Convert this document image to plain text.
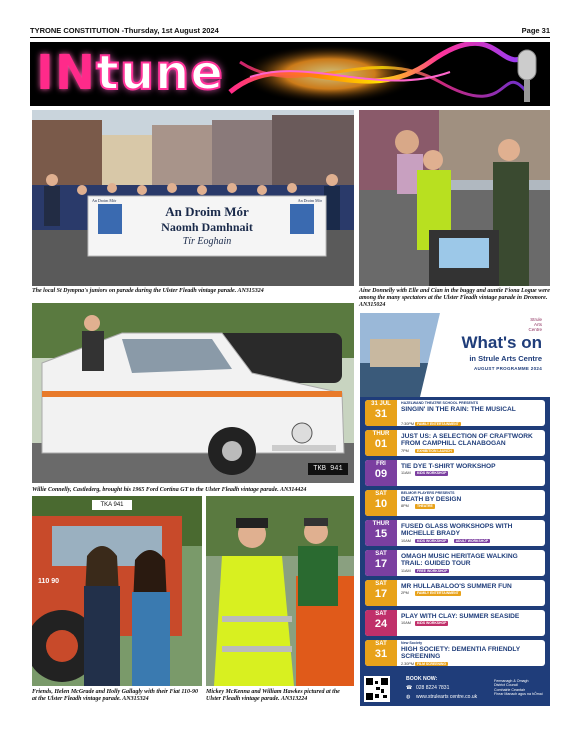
TYRONE CONSTITUTION -Thursday, 1st August 2024	Page 31
INtune
An Droim Mór	An Droim Mór
An Droim Mór
Naomh Damhnait
Tír Eoghain
The local St Dympna's juniors on parade during the Ulster Fleadh vintage parade. AN315324	Aine Donnelly with Elle and Cian in the buggy and auntie Fiona Logue were among the many spectators at the Ulster Fleadh vintage parade in Dromore. AN315024
TKB 941
Willie Connelly, Castlederg, brought his 1965 Ford Cortina GT to the Ulster Fleadh vintage parade. AN314424
TKA 941
110 90
Friends, Helen McGrade and Holly Gallagly with their Fiat 110-90 at the Ulster Fleadh vintage parade. AN315324
Mickey McKenna and William Hawkes pictured at the Ulster Fleadh vintage parade. AN313224
Strule
Arts
Centre
What's on
in Strule Arts Centre
AUGUST PROGRAMME 2024
31 JUL
31
HAZELWAND THEATRE SCHOOL PRESENTS
SINGIN' IN THE RAIN: THE MUSICAL
7:30PM FAMILY ENTERTAINMENT
THUR
01
JUST US: A SELECTION OF CRAFTWORK FROM CAMPHILL CLANABOGAN
7PM	EXHIBITION LAUNCH
FRI
09
TIE DYE T-SHIRT WORKSHOP
11AM	KIDS WORKSHOP
SAT
10
BELMOR PLAYERS PRESENTS
DEATH BY DESIGN
8PM	THEATRE
THUR
15
FUSED GLASS WORKSHOPS WITH MICHELLE BRADY
10AM	KIDS WORKSHOP	ADULT WORKSHOP
SAT
17
OMAGH MUSIC HERITAGE WALKING TRAIL: GUIDED TOUR
11AM	FREE WORKSHOP
SAT
17
MR HULLABALOO'S SUMMER FUN
2PM	FAMILY ENTERTAINMENT
SAT
24
PLAY WITH CLAY: SUMMER SEASIDE
10AM	KIDS WORKSHOP
SAT
31
New Society
HIGH SOCIETY: DEMENTIA FRIENDLY SCREENING
2.30PM FILM SCREENING
BOOK NOW:
☎ 028 8224 7831
◍ www.strulearts centre.co.uk
Fermanagh & Omagh
District Council
Comhairle Ceantair
Fhear Manach agus na hÓmaí
